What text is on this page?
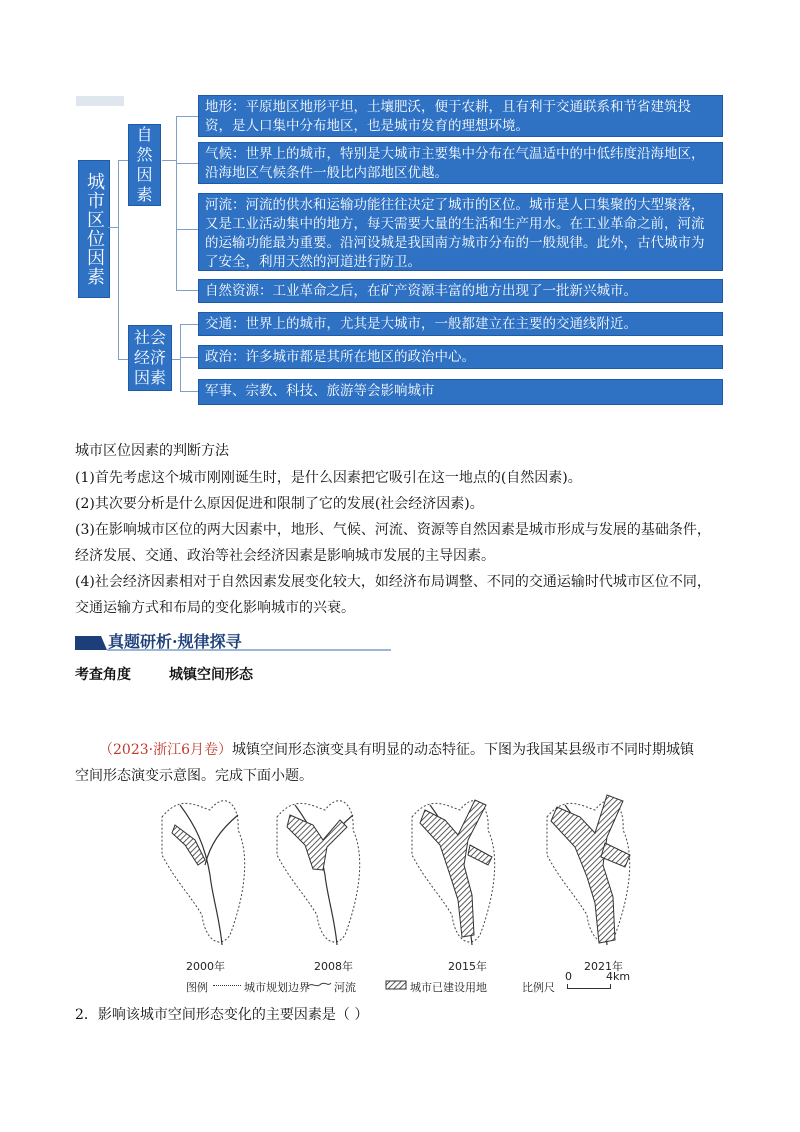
城市区位因素
自然因素
社会经济因素
地形：平原地区地形平坦，土壤肥沃，便于农耕，且有利于交通联系和节省建筑投资，是人口集中分布地区，也是城市发育的理想环境。
气候：世界上的城市，特别是大城市主要集中分布在气温适中的中低纬度沿海地区，沿海地区气候条件一般比内部地区优越。
河流：河流的供水和运输功能往往决定了城市的区位。城市是人口集聚的大型聚落，又是工业活动集中的地方，每天需要大量的生活和生产用水。在工业革命之前，河流的运输功能最为重要。沿河设城是我国南方城市分布的一般规律。此外，古代城市为了安全，利用天然的河道进行防卫。
自然资源：工业革命之后，在矿产资源丰富的地方出现了一批新兴城市。
交通：世界上的城市，尤其是大城市，一般都建立在主要的交通线附近。
政治：许多城市都是其所在地区的政治中心。
军事、宗教、科技、旅游等会影响城市
城市区位因素的判断方法
(1)首先考虑这个城市刚刚诞生时，是什么因素把它吸引在这一地点的(自然因素)。
(2)其次要分析是什么原因促进和限制了它的发展(社会经济因素)。
(3)在影响城市区位的两大因素中，地形、气候、河流、资源等自然因素是城市形成与发展的基础条件，
经济发展、交通、政治等社会经济因素是影响城市发展的主导因素。
(4)社会经济因素相对于自然因素发展变化较大，如经济布局调整、不同的交通运输时代城市区位不同，
交通运输方式和布局的变化影响城市的兴衰。
真题研析·规律探寻
考查角度	城镇空间形态
（2023·浙江6月卷）城镇空间形态演变具有明显的动态特征。下图为我国某县级市不同时期城镇
空间形态演变示意图。完成下面小题。
2000年	2008年	2015年	2021年
图例	城市规划边界 河流	城市已建设用地	比例尺
0	4km
2．影响该城市空间形态变化的主要因素是（ ）
